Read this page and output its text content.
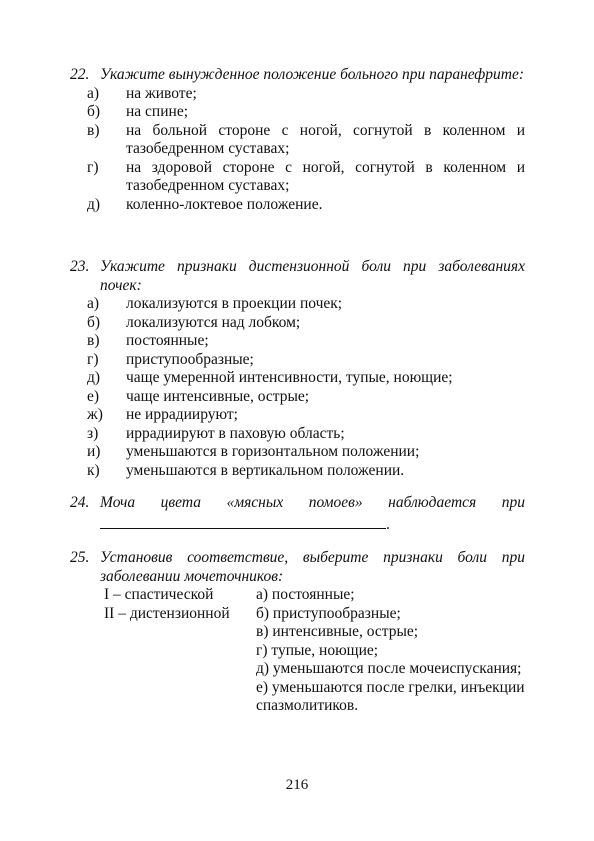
22. Укажите вынужденное положение больного при паранефрите:
а) на животе;
б) на спине;
в) на больной стороне с ногой, согнутой в коленном и тазобедренном суставах;
г) на здоровой стороне с ногой, согнутой в коленном и тазобедренном суставах;
д) коленно-локтевое положение.
23. Укажите признаки дистензионной боли при заболеваниях почек:
а) локализуются в проекции почек;
б) локализуются над лобком;
в) постоянные;
г) приступообразные;
д) чаще умеренной интенсивности, тупые, ноющие;
е) чаще интенсивные, острые;
ж) не иррадиируют;
з) иррадиируют в паховую область;
и) уменьшаются в горизонтальном положении;
к) уменьшаются в вертикальном положении.
24. Моча цвета «мясных помоев» наблюдается при
.
25. Установив соответствие, выберите признаки боли при заболевании мочеточников:
I – спастической
II – дистензионной
а) постоянные;
б) приступообразные;
в) интенсивные, острые;
г) тупые, ноющие;
д) уменьшаются после мочеиспускания;
е) уменьшаются после грелки, инъекции спазмолитиков.
216
